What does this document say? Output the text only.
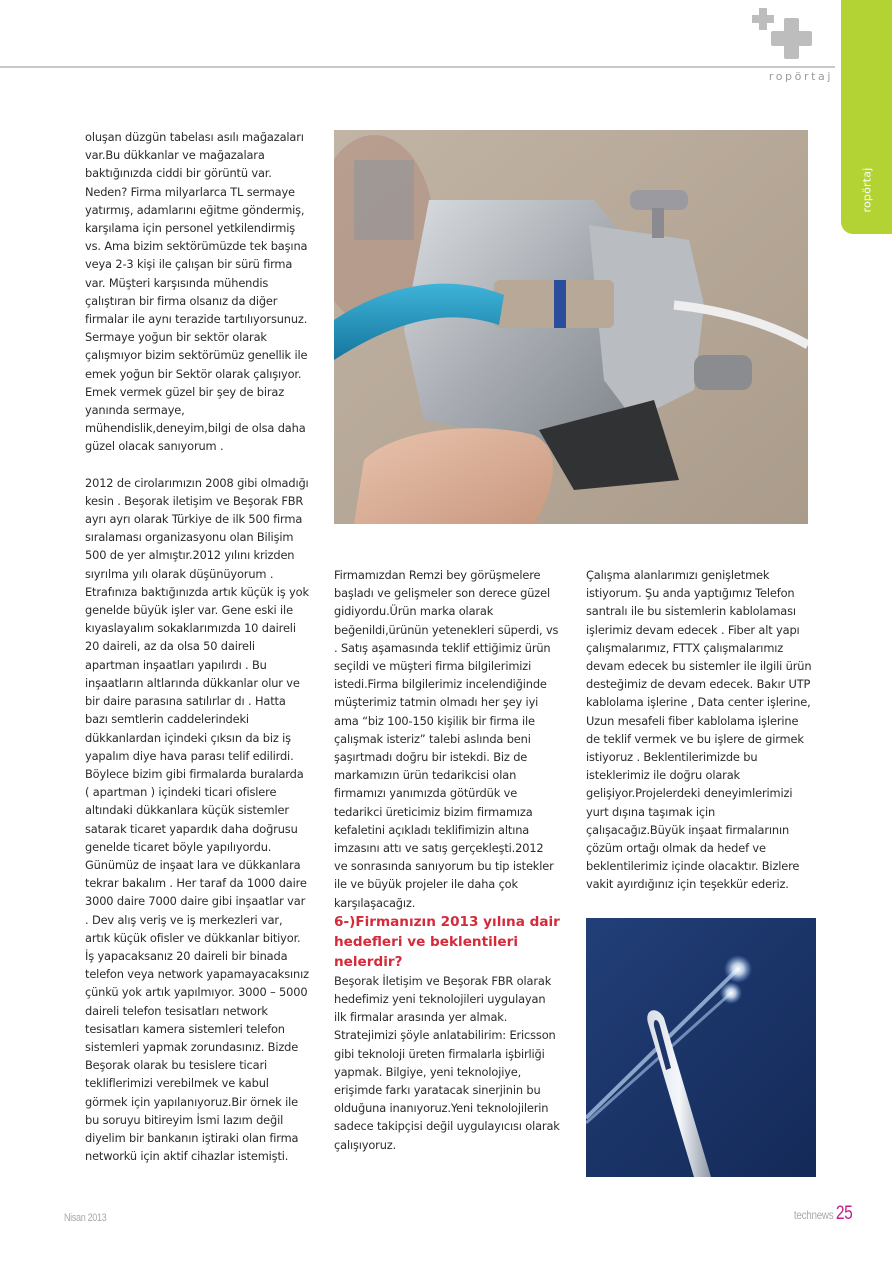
ropörtaj
ropörtaj

oluşan düzgün tabelası asılı mağazaları var.Bu dükkanlar ve mağazalara baktığınızda ciddi bir görüntü var. Neden? Firma milyarlarca TL sermaye yatırmış, adamlarını eğitme göndermiş, karşılama için personel yetkilendirmiş vs. Ama bizim sektörümüzde tek başına veya 2-3 kişi ile çalışan bir sürü firma var. Müşteri karşısında mühendis çalıştıran bir firma olsanız da diğer firmalar ile aynı terazide tartılıyorsunuz. Sermaye yoğun bir sektör olarak çalışmıyor bizim sektörümüz genellik ile emek yoğun bir Sektör olarak çalışıyor. Emek vermek güzel bir şey de biraz yanında sermaye, mühendislik,deneyim,bilgi de olsa daha güzel olacak sanıyorum .

2012 de cirolarımızın 2008 gibi olmadığı kesin . Beşorak iletişim ve Beşorak FBR ayrı ayrı olarak Türkiye de ilk 500 firma sıralaması organizasyonu olan Bilişim 500 de yer almıştır.2012 yılını krizden sıyrılma yılı olarak düşünüyorum . Etrafınıza baktığınızda artık küçük iş yok genelde büyük işler var. Gene eski ile kıyaslayalım sokaklarımızda 10 daireli 20 daireli, az da olsa 50 daireli apartman inşaatları yapılırdı . Bu inşaatların altlarında dükkanlar olur ve bir daire parasına satılırlar dı . Hatta bazı semtlerin caddelerindeki dükkanlardan içindeki çıksın da biz iş yapalım diye hava parası telif edilirdi. Böylece bizim gibi firmalarda buralarda ( apartman ) içindeki ticari ofislere altındaki dükkanlara küçük sistemler satarak ticaret yapardık daha doğrusu genelde ticaret böyle yapılıyordu. Günümüz de inşaat lara ve dükkanlara tekrar bakalım . Her taraf da 1000 daire 3000 daire 7000 daire gibi inşaatlar var . Dev alış veriş ve iş merkezleri var, artık küçük ofisler ve dükkanlar bitiyor. İş yapacaksanız 20 daireli bir binada telefon veya network yapamayacaksınız çünkü yok artık yapılmıyor. 3000 – 5000 daireli telefon tesisatları network tesisatları kamera sistemleri telefon sistemleri yapmak zorundasınız. Bizde Beşorak olarak bu tesislere ticari tekliflerimizi verebilmek ve kabul görmek için yapılanıyoruz.Bir örnek ile bu soruyu bitireyim İsmi lazım değil diyelim bir bankanın iştiraki olan firma networkü için aktif cihazlar istemişti.

Firmamızdan Remzi bey görüşmelere başladı ve gelişmeler son derece güzel gidiyordu.Ürün marka olarak beğenildi,ürünün yetenekleri süperdi, vs . Satış aşamasında teklif ettiğimiz ürün seçildi ve müşteri firma bilgilerimizi istedi.Firma bilgilerimiz incelendiğinde müşterimiz tatmin olmadı her şey iyi ama “biz 100-150 kişilik bir firma ile çalışmak isteriz” talebi aslında beni şaşırtmadı doğru bir istekdi. Biz de markamızın ürün tedarikcisi olan firmamızı yanımızda götürdük ve tedarikci üreticimiz bizim firmamıza kefaletini açıkladı teklifimizin altına imzasını attı ve satış gerçekleşti.2012 ve sonrasında sanıyorum bu tip istekler ile ve büyük projeler ile daha çok karşılaşacağız.

6-)Firmanızın 2013 yılına dair hedefleri ve beklentileri nelerdir?

Beşorak İletişim ve Beşorak FBR olarak hedefimiz yeni teknolojileri uygulayan ilk firmalar arasında yer almak. Stratejimizi şöyle anlatabilirim: Ericsson gibi teknoloji üreten firmalarla işbirliği yapmak. Bilgiye, yeni teknolojiye, erişimde farkı yaratacak sinerjinin bu olduğuna inanıyoruz.Yeni teknolojilerin sadece takipçisi değil uygulayıcısı olarak çalışıyoruz.

Çalışma alanlarımızı genişletmek istiyorum. Şu anda yaptığımız Telefon santralı ile bu sistemlerin kablolaması işlerimiz devam edecek . Fiber alt yapı çalışmalarımız, FTTX çalışmalarımız devam edecek bu sistemler ile ilgili ürün desteğimiz de devam edecek. Bakır UTP kablolama işlerine , Data center işlerine, Uzun mesafeli fiber kablolama işlerine de teklif vermek ve bu işlere de girmek istiyoruz . Beklentilerimizde bu isteklerimiz ile doğru olarak gelişiyor.Projelerdeki deneyimlerimizi yurt dışına taşımak için çalışacağız.Büyük inşaat firmalarının çözüm ortağı olmak da hedef ve beklentilerimiz içinde olacaktır. Bizlere vakit ayırdığınız için teşekkür ederiz.

Nisan 2013	technews 25
